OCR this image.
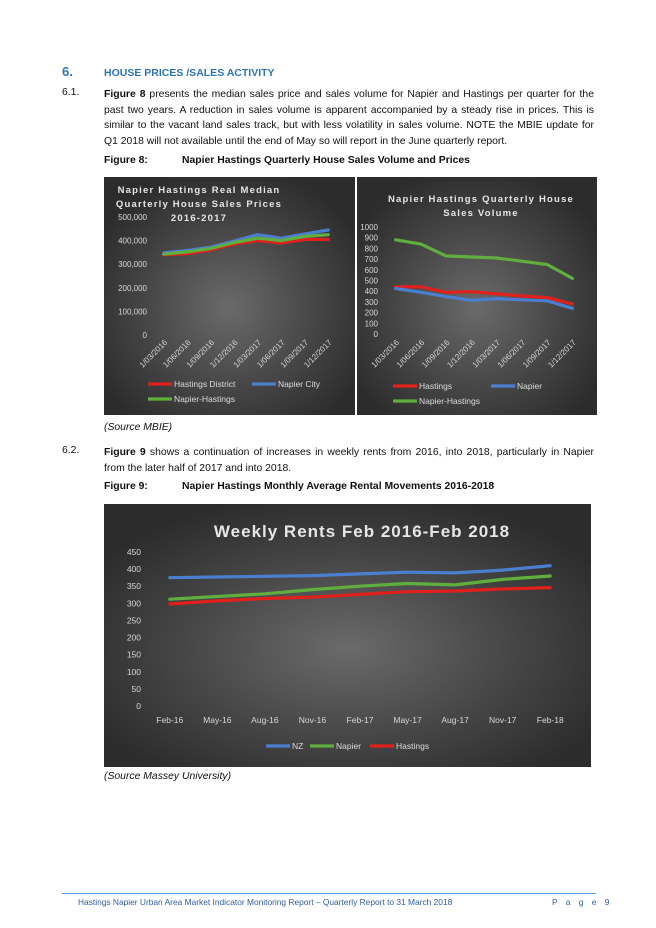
6.	HOUSE PRICES /SALES ACTIVITY
6.1. Figure 8 presents the median sales price and sales volume for Napier and Hastings per quarter for the past two years. A reduction in sales volume is apparent accompanied by a steady rise in prices. This is similar to the vacant land sales track, but with less volatility in sales volume. NOTE the MBIE update for Q1 2018 will not available until the end of May so will report in the June quarterly report.
Figure 8:	Napier Hastings Quarterly House Sales Volume and Prices
Napier Hastings Real Median
Quarterly House Sales Prices
2016-2017
500,000
400,000
300,000
200,000
100,000
0
1/03/2016
1/06/2016
1/09/2016
1/12/2016
1/03/2017
1/06/2017
1/09/2017
1/12/2017
Hastings District	Napier City
Napier-Hastings
Napier Hastings Quarterly House
Sales Volume
1000
900
800
700
600
500
400
300
200
100
0
1/03/2016
1/06/2016
1/09/2016
1/12/2016
1/03/2017
1/06/2017
1/09/2017
1/12/2017
Hastings	Napier
Napier-Hastings
(Source MBIE)
6.2. Figure 9 shows a continuation of increases in weekly rents from 2016, into 2018, particularly in Napier from the later half of 2017 and into 2018.
Figure 9:	Napier Hastings Monthly Average Rental Movements 2016-2018
Weekly Rents Feb 2016-Feb 2018
450
400
350
300
250
200
150
100
50
0
Feb-16 May-16 Aug-16 Nov-16 Feb-17 May-17 Aug-17 Nov-17 Feb-18
NZ	Napier	Hastings
(Source Massey University)
Hastings Napier Urban Area Market Indicator Monitoring Report – Quarterly Report to 31 March 2018	P a g e 9
